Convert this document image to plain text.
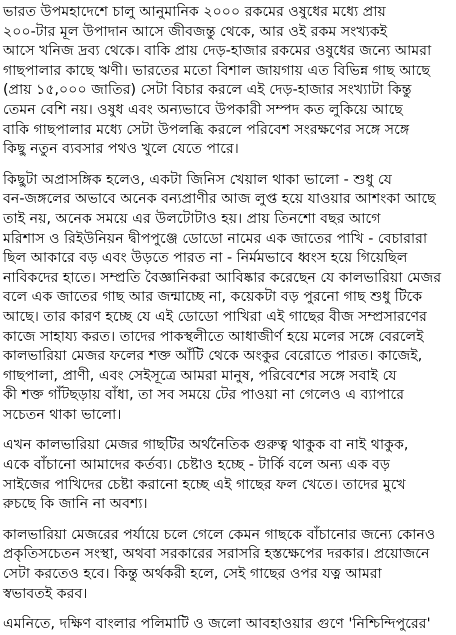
ভারত উপমহাদেশে চালু আনুমানিক ২০০০ রকমের ওষুধের মধ্যে প্রায়
২০০-টার মূল উপাদান আসে জীবজন্তু থেকে, আর ওই রকম সংখ্যকই
আসে খনিজ দ্রব্য থেকে। বাকি প্রায় দেড়-হাজার রকমের ওষুধের জন্যে আমরা
গাছপালার কাছে ঋণী। ভারতের মতো বিশাল জায়গায় এত বিভিন্ন গাছ আছে
(প্রায় ১৫,০০০ জাতির) সেটা বিচার করলে এই দেড়-হাজার সংখ্যাটা কিন্তু
তেমন বেশি নয়। ওষুধ এবং অন্যভাবে উপকারী সম্পদ কত লুকিয়ে আছে
বাকি গাছপালার মধ্যে সেটা উপলব্ধি করলে পরিবেশ সংরক্ষণের সঙ্গে সঙ্গে
কিছু নতুন ব্যবসার পথও খুলে যেতে পারে।

কিছুটা অপ্রাসঙ্গিক হলেও, একটা জিনিস খেয়াল থাকা ভালো - শুধু যে
বন-জঙ্গলের অভাবে অনেক বন্যপ্রাণীর আজ লুপ্ত হয়ে যাওয়ার আশংকা আছে
তাই নয়, অনেক সময়ে এর উলটোটাও হয়। প্রায় তিনশো বছর আগে
মরিশাস ও রিইউনিয়ন দ্বীপপুঞ্জে ডোডো নামের এক জাতের পাখি - বেচারারা
ছিল আকারে বড় এবং উড়তে পারত না - নির্মমভাবে ধ্বংস হয়ে গিয়েছিল
নাবিকদের হাতে। সম্প্রতি বৈজ্ঞানিকরা আবিষ্কার করেছেন যে কালভারিয়া মেজর
বলে এক জাতের গাছ আর জন্মাচ্ছে না, কয়েকটা বড় পুরনো গাছ শুধু টিকে
আছে। তার কারণ হচ্ছে যে এই ডোডো পাখিরা এই গাছের বীজ সম্প্রসারণের
কাজে সাহায্য করত। তাদের পাকস্থলীতে আধাজীর্ণ হয়ে মলের সঙ্গে বেরলেই
কালভারিয়া মেজর ফলের শক্ত আঁটি থেকে অংকুর বেরোতে পারত। কাজেই,
গাছপালা, প্রাণী, এবং সেইসূত্রে আমরা মানুষ, পরিবেশের সঙ্গে সবাই যে
কী শক্ত গাঁটছড়ায় বাঁধা, তা সব সময়ে টের পাওয়া না গেলেও এ ব্যাপারে
সচেতন থাকা ভালো।

এখন কালভারিয়া মেজর গাছটির অর্থনৈতিক গুরুত্ব থাকুক বা নাই থাকুক,
একে বাঁচানো আমাদের কর্তব্য। চেষ্টাও হচ্ছে - টার্কি বলে অন্য এক বড়
সাইজের পাখিদের চেষ্টা করানো হচ্ছে এই গাছের ফল খেতে। তাদের মুখে
রুচছে কি জানি না অবশ্য।

কালভারিয়া মেজরের পর্যায়ে চলে গেলে কেমন গাছকে বাঁচানোর জন্যে কোনও
প্রকৃতিসচেতন সংস্থা, অথবা সরকারের সরাসরি হস্তক্ষেপের দরকার। প্রয়োজনে
সেটা করতেও হবে। কিন্তু অর্থকরী হলে, সেই গাছের ওপর যত্ন আমরা
স্বভাবতই করব।

এমনিতে, দক্ষিণ বাংলার পলিমাটি ও জলো আবহাওয়ার গুণে 'নিশ্চিন্দিপুরের'
